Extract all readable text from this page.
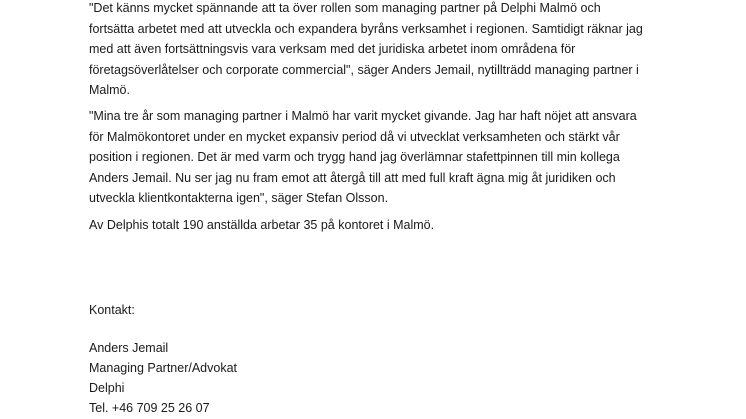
"Det känns mycket spännande att ta över rollen som managing partner på Delphi Malmö och
fortsätta arbetet med att utveckla och expandera byråns verksamhet i regionen. Samtidigt räknar jag
med att även fortsättningsvis vara verksam med det juridiska arbetet inom områdena för
företagsöverlåtelser och corporate commercial", säger Anders Jemail, nytillträdd managing partner i
Malmö.

"Mina tre år som managing partner i Malmö har varit mycket givande. Jag har haft nöjet att ansvara
för Malmökontoret under en mycket expansiv period då vi utvecklat verksamheten och stärkt vår
position i regionen. Det är med varm och trygg hand jag överlämnar stafettpinnen till min kollega
Anders Jemail. Nu ser jag nu fram emot att återgå till att med full kraft ägna mig åt juridiken och
utveckla klientkontakterna igen", säger Stefan Olsson.

Av Delphis totalt 190 anställda arbetar 35 på kontoret i Malmö.

Kontakt:

Anders Jemail
Managing Partner/Advokat
Delphi
Tel. +46 709 25 26 07
